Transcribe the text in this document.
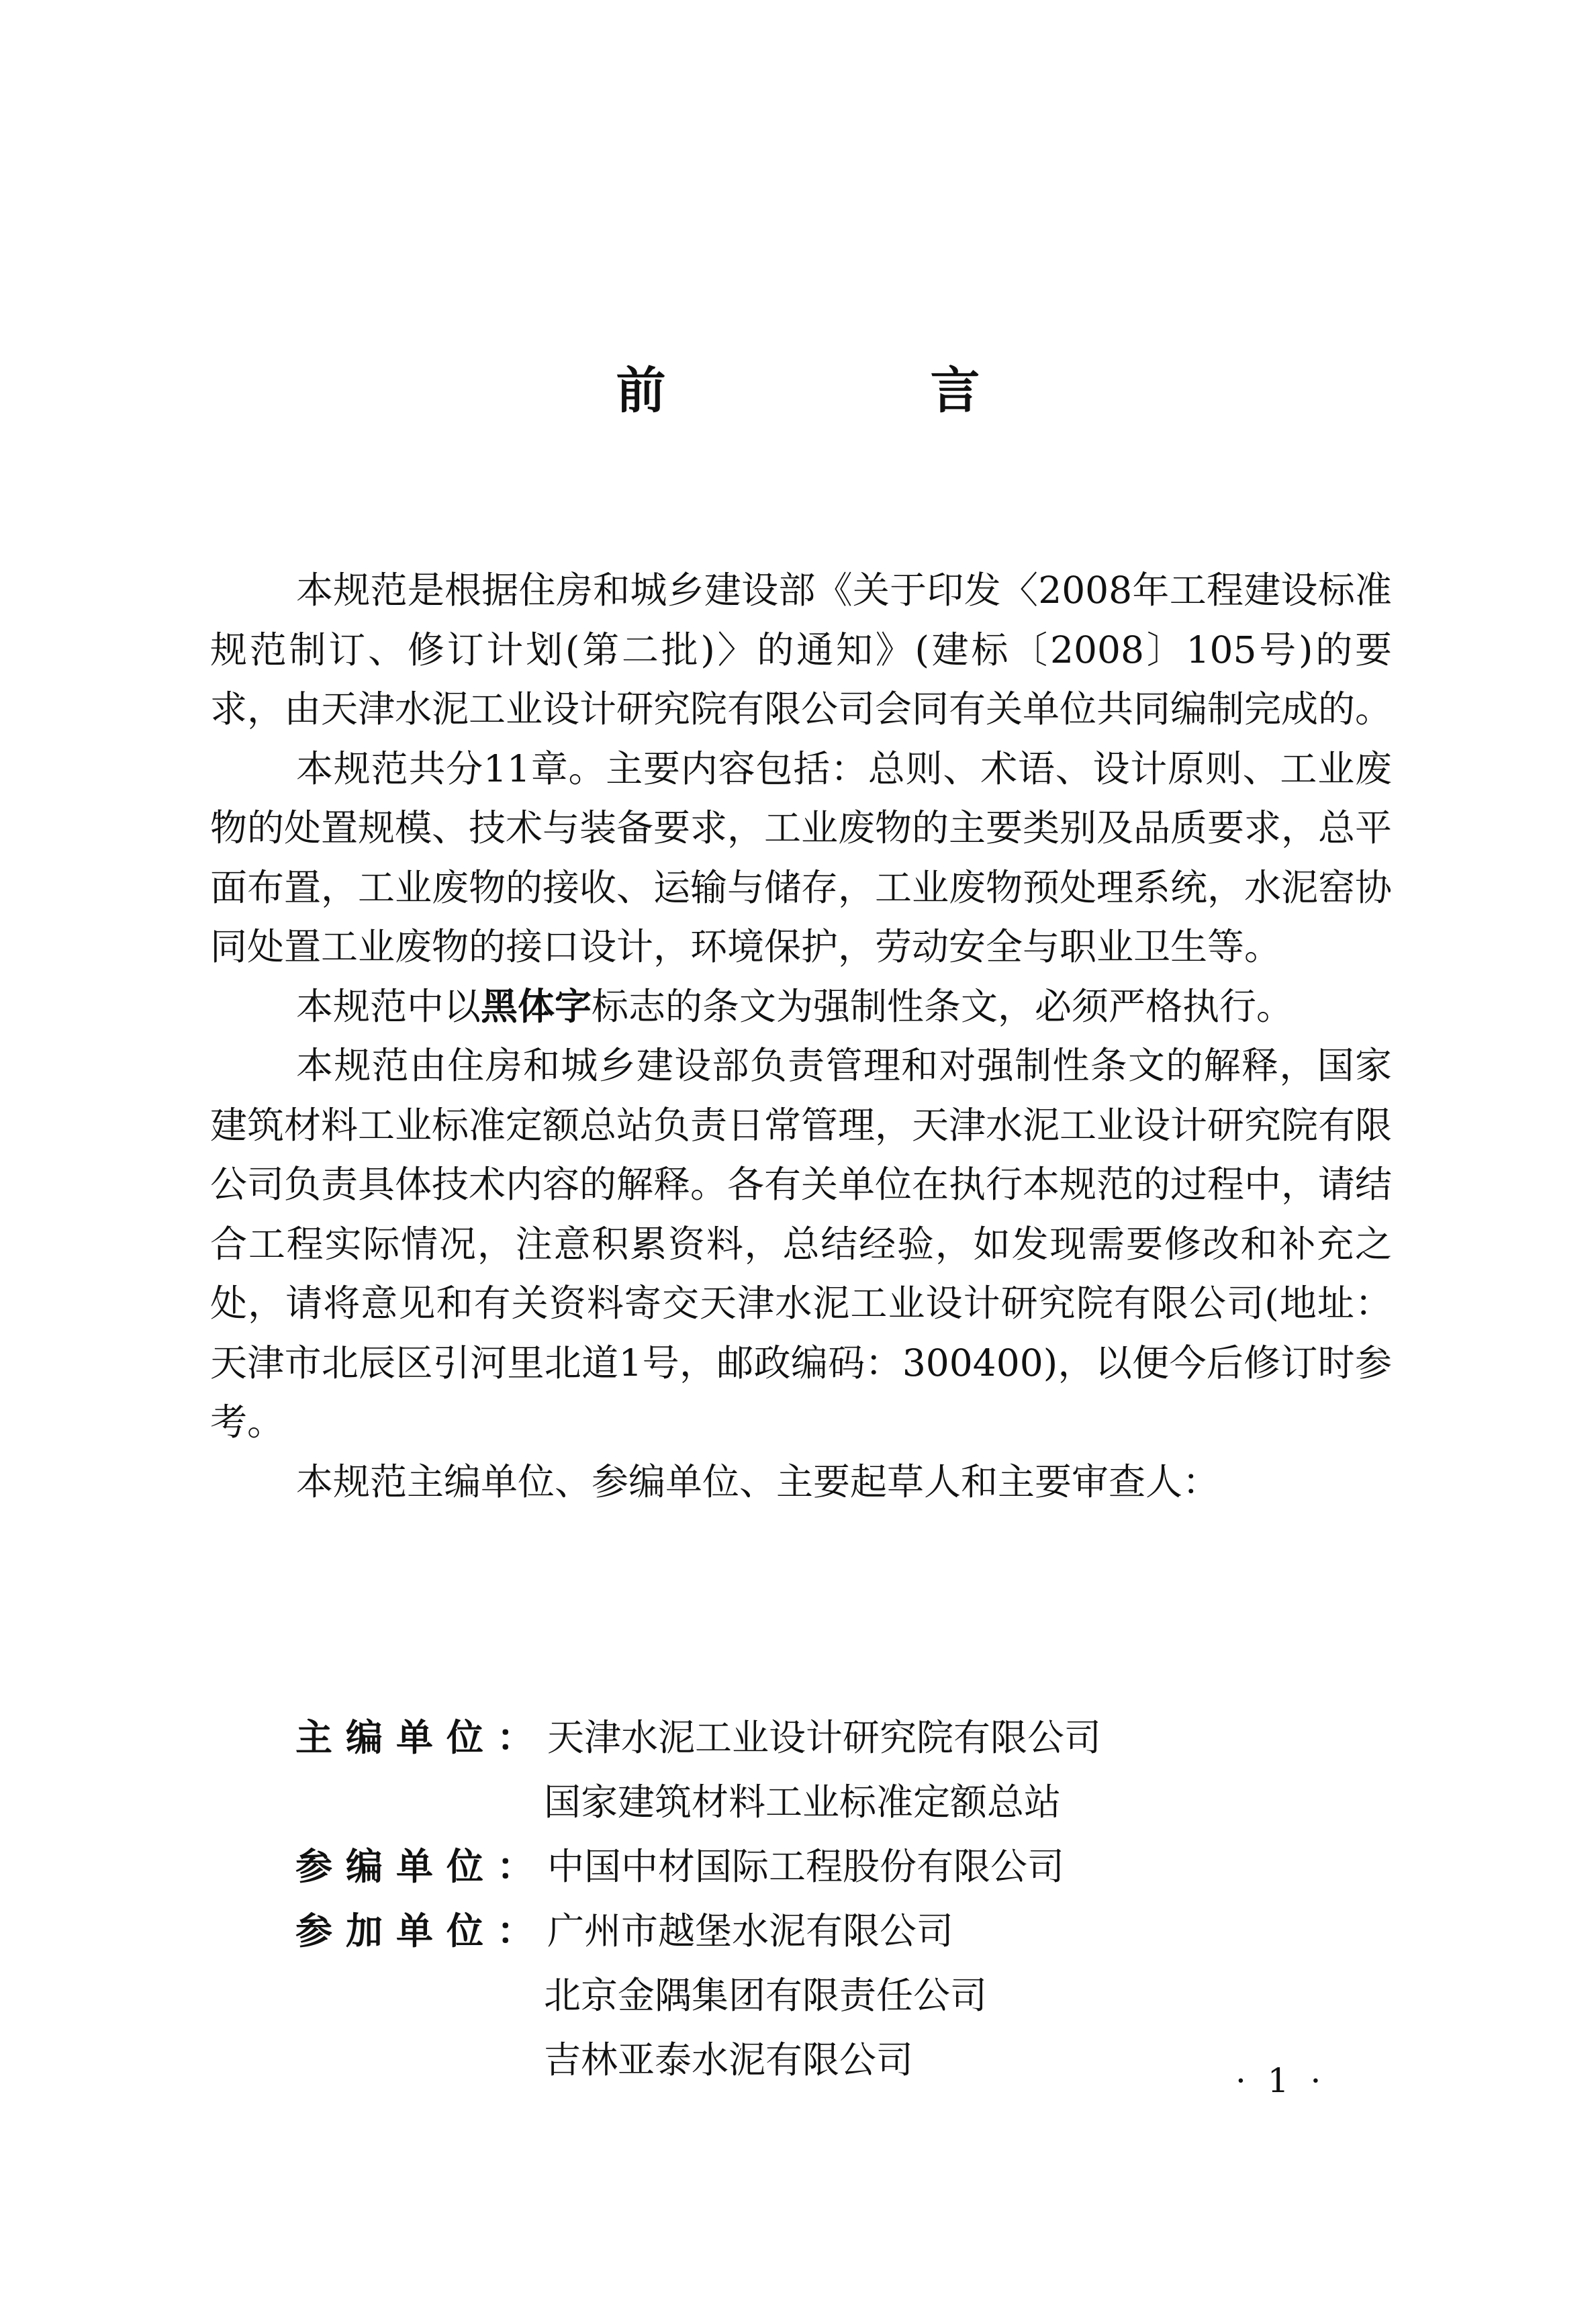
前　言

本规范是根据住房和城乡建设部《关于印发〈2008年工程建设标准规范制订、修订计划(第二批)〉的通知》(建标〔2008〕105号)的要求，由天津水泥工业设计研究院有限公司会同有关单位共同编制完成的。

本规范共分11章。主要内容包括：总则、术语、设计原则、工业废物的处置规模、技术与装备要求，工业废物的主要类别及品质要求，总平面布置，工业废物的接收、运输与储存，工业废物预处理系统，水泥窑协同处置工业废物的接口设计，环境保护，劳动安全与职业卫生等。

本规范中以黑体字标志的条文为强制性条文，必须严格执行。

本规范由住房和城乡建设部负责管理和对强制性条文的解释，国家建筑材料工业标准定额总站负责日常管理，天津水泥工业设计研究院有限公司负责具体技术内容的解释。各有关单位在执行本规范的过程中，请结合工程实际情况，注意积累资料，总结经验，如发现需要修改和补充之处，请将意见和有关资料寄交天津水泥工业设计研究院有限公司(地址：天津市北辰区引河里北道1号，邮政编码：300400)，以便今后修订时参考。

本规范主编单位、参编单位、主要起草人和主要审查人：

主编单位： 天津水泥工业设计研究院有限公司
国家建筑材料工业标准定额总站
参编单位： 中国中材国际工程股份有限公司
参加单位： 广州市越堡水泥有限公司
北京金隅集团有限责任公司
吉林亚泰水泥有限公司	· 1 ·
